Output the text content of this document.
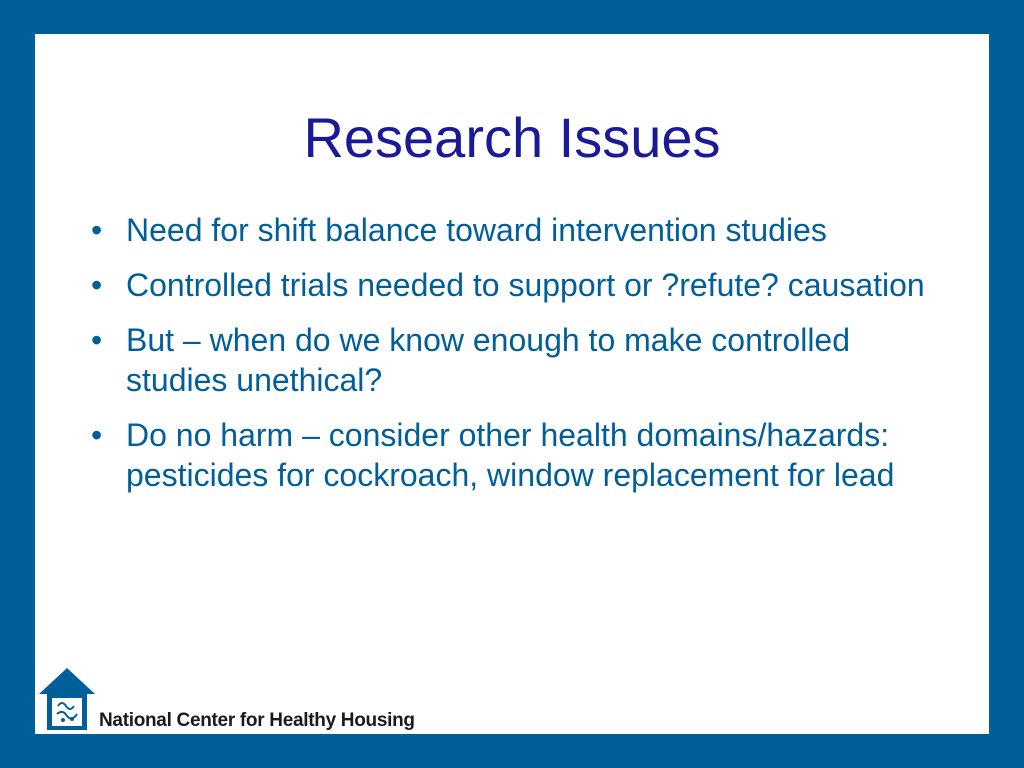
Research Issues
• Need for shift balance toward intervention studies
• Controlled trials needed to support or ?refute? causation
• But – when do we know enough to make controlled studies unethical?
• Do no harm – consider other health domains/hazards: pesticides for cockroach, window replacement for lead
National Center for Healthy Housing
